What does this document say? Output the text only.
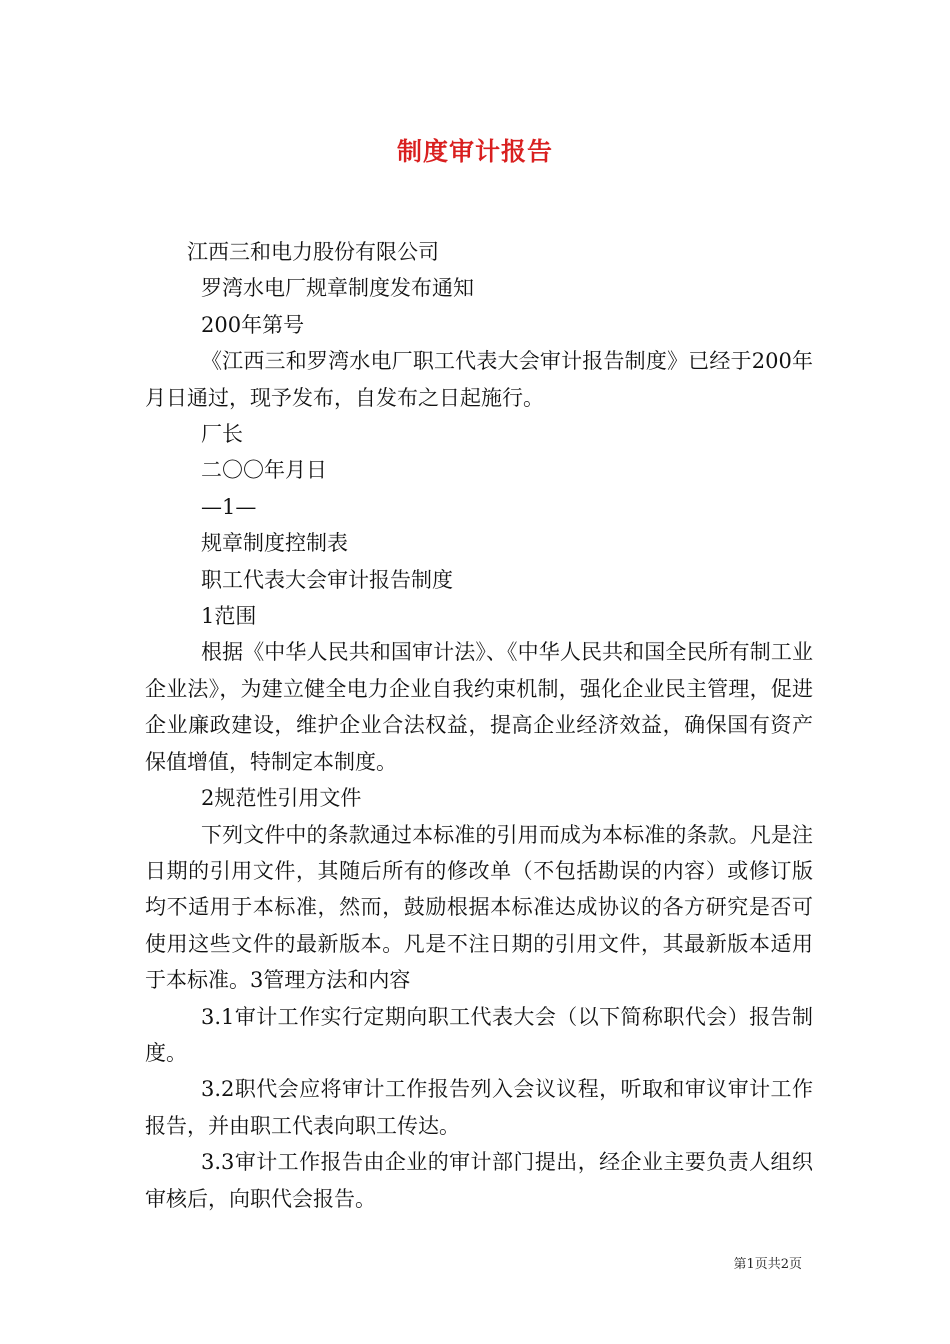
制度审计报告

江西三和电力股份有限公司

罗湾水电厂规章制度发布通知

200年第号

《江西三和罗湾水电厂职工代表大会审计报告制度》已经于200年月日通过，现予发布，自发布之日起施行。

厂长

二〇〇年月日

—1—

规章制度控制表

职工代表大会审计报告制度

1范围

根据《中华人民共和国审计法》、《中华人民共和国全民所有制工业企业法》，为建立健全电力企业自我约束机制，强化企业民主管理，促进企业廉政建设，维护企业合法权益，提高企业经济效益，确保国有资产保值增值，特制定本制度。

2规范性引用文件

下列文件中的条款通过本标准的引用而成为本标准的条款。凡是注日期的引用文件，其随后所有的修改单（不包括勘误的内容）或修订版均不适用于本标准，然而，鼓励根据本标准达成协议的各方研究是否可使用这些文件的最新版本。凡是不注日期的引用文件，其最新版本适用于本标准。3管理方法和内容

3.1审计工作实行定期向职工代表大会（以下简称职代会）报告制度。

3.2职代会应将审计工作报告列入会议议程，听取和审议审计工作报告，并由职工代表向职工传达。

3.3审计工作报告由企业的审计部门提出，经企业主要负责人组织审核后，向职代会报告。

第1页共2页
